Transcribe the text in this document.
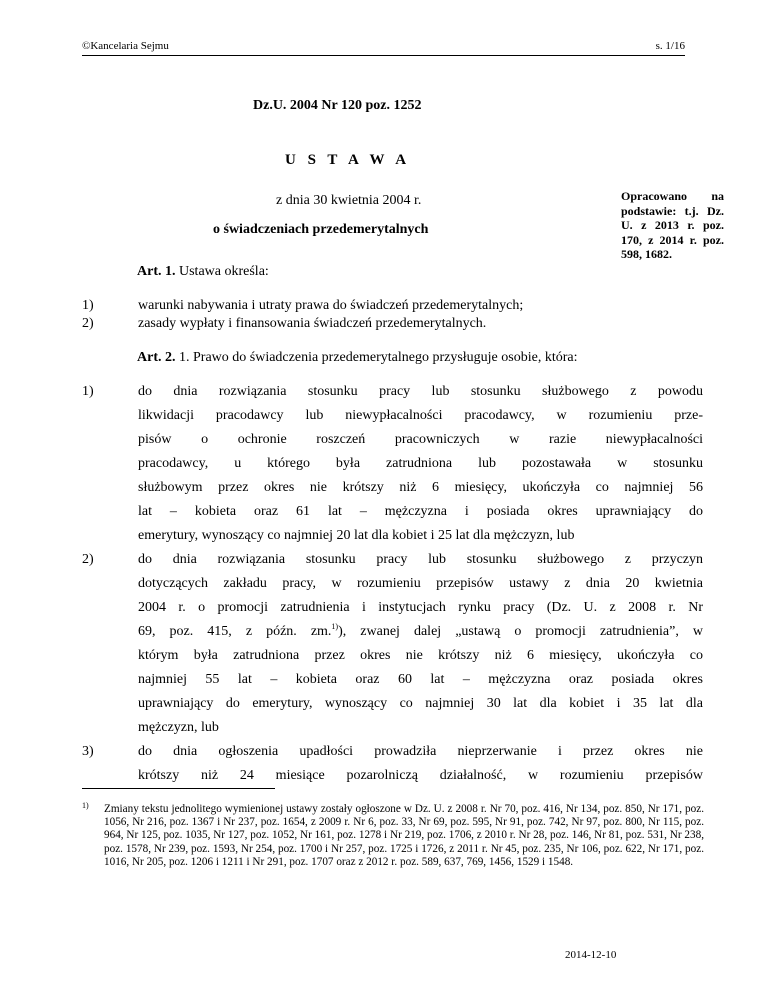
©Kancelaria Sejmu	s. 1/16
Dz.U. 2004 Nr 120 poz. 1252
U S T A W A
z dnia 30 kwietnia 2004 r.
o świadczeniach przedemerytalnych
Opracowano na podstawie: t.j. Dz. U. z 2013 r. poz. 170, z 2014 r. poz. 598, 1682.
Art. 1. Ustawa określa:
1)	warunki nabywania i utraty prawa do świadczeń przedemerytalnych;
2)	zasady wypłaty i finansowania świadczeń przedemerytalnych.
Art. 2. 1. Prawo do świadczenia przedemerytalnego przysługuje osobie, która:
1)	do dnia rozwiązania stosunku pracy lub stosunku służbowego z powodu
likwidacji pracodawcy lub niewypłacalności pracodawcy, w rozumieniu prze-
pisów o ochronie roszczeń pracowniczych w razie niewypłacalności
pracodawcy, u którego była zatrudniona lub pozostawała w stosunku
służbowym przez okres nie krótszy niż 6 miesięcy, ukończyła co najmniej 56
lat – kobieta oraz 61 lat – mężczyzna i posiada okres uprawniający do
emerytury, wynoszący co najmniej 20 lat dla kobiet i 25 lat dla mężczyzn, lub
2)
1) Zmiany tekstu jednolitego wymienionej ustawy zostały ogłoszone w Dz. U. z 2008 r. Nr 70, poz. 416, Nr 134, poz. 850, Nr 171, poz. 1056, Nr 216, poz. 1367 i Nr 237, poz. 1654, z 2009 r. Nr 6, poz. 33, Nr 69, poz. 595, Nr 91, poz. 742, Nr 97, poz. 800, Nr 115, poz. 964, Nr 125, poz. 1035, Nr 127, poz. 1052, Nr 161, poz. 1278 i Nr 219, poz. 1706, z 2010 r. Nr 28, poz. 146, Nr 81, poz. 531, Nr 238, poz. 1578, Nr 239, poz. 1593, Nr 254, poz. 1700 i Nr 257, poz. 1725 i 1726, z 2011 r. Nr 45, poz. 235, Nr 106, poz. 622, Nr 171, poz. 1016, Nr 205, poz. 1206 i 1211 i Nr 291, poz. 1707 oraz z 2012 r. poz. 589, 637, 769, 1456, 1529 i 1548.
2014-12-10
do dnia rozwiązania stosunku pracy lub stosunku służbowego z przyczyn
dotyczących zakładu pracy, w rozumieniu przepisów ustawy z dnia 20 kwietnia
2004 r. o promocji zatrudnienia i instytucjach rynku pracy (Dz. U. z 2008 r. Nr
69, poz. 415, z późn. zm.$^{1)}$), zwanej dalej „ustawą o promocji zatrudnienia”, w
którym była zatrudniona przez okres nie krótszy niż 6 miesięcy, ukończyła co
najmniej 55 lat – kobieta oraz 60 lat – mężczyzna oraz posiada okres
uprawniający do emerytury, wynoszący co najmniej 30 lat dla kobiet i 35 lat dla
mężczyzn, lub
3)	do dnia ogłoszenia upadłości prowadziła nieprzerwanie i przez okres nie
krótszy niż 24 miesiące pozarolniczą działalność, w rozumieniu przepisów
